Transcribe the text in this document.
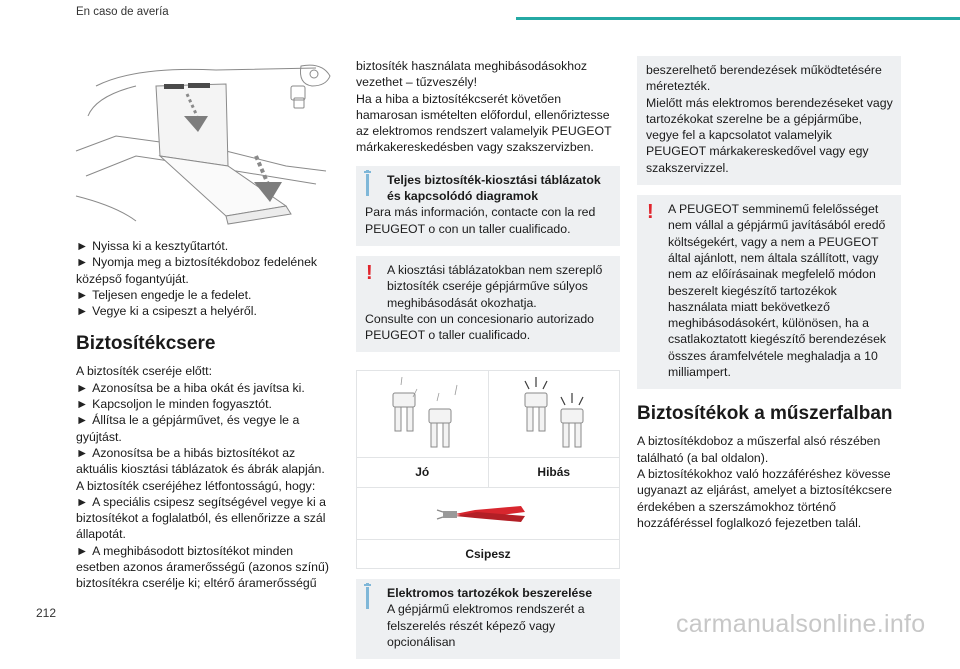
En caso de avería

► Nyissa ki a kesztyűtartót.

► Nyomja meg a biztosítékdoboz fedelének középső fogantyúját.

► Teljesen engedje le a fedelet.

► Vegye ki a csipeszt a helyéről.

Biztosítékcsere

A biztosíték cseréje előtt:

► Azonosítsa be a hiba okát és javítsa ki.

► Kapcsoljon le minden fogyasztót.

► Állítsa le a gépjárművet, és vegye le a gyújtást.

► Azonosítsa be a hibás biztosítékot az aktuális kiosztási táblázatok és ábrák alapján.

A biztosíték cseréjéhez létfontosságú, hogy:

► A speciális csipesz segítségével vegye ki a biztosítékot a foglalatból, és ellenőrizze a szál állapotát.

► A meghibásodott biztosítékot minden esetben azonos áramerősségű (azonos színű) biztosítékra cserélje ki; eltérő áramerősségű

biztosíték használata meghibásodásokhoz vezethet – tűzveszély!

Ha a hiba a biztosítékcserét követően hamarosan ismételten előfordul, ellenőriztesse az elektromos rendszert valamelyik PEUGEOT márkakereskedésben vagy szakszervizben.

Teljes biztosíték-kiosztási táblázatok és kapcsolódó diagramok

Para más información, contacte con la red PEUGEOT o con un taller cualificado.

!	A kiosztási táblázatokban nem szereplő biztosíték cseréje gépjárműve súlyos meghibásodását okozhatja.

Consulte con un concesionario autorizado PEUGEOT o taller cualificado.

Jó	Hibás
Csipesz
Elektromos tartozékok beszerelése
A gépjármű elektromos rendszerét a felszerelés részét képező vagy opcionálisan

beszerelhető berendezések működtetésére méretezték.

Mielőtt más elektromos berendezéseket vagy tartozékokat szerelne be a gépjárműbe, vegye fel a kapcsolatot valamelyik PEUGEOT márkakereskedővel vagy egy szakszervizzel.

!	A PEUGEOT semminemű felelősséget nem vállal a gépjármű javításából eredő költségekért, vagy a nem a PEUGEOT által ajánlott, nem általa szállított, vagy nem az előírásainak megfelelő módon beszerelt kiegészítő tartozékok használata miatt bekövetkező meghibásodásokért, különösen, ha a csatlakoztatott kiegészítő berendezések összes áramfelvétele meghaladja a 10 milliampert.
Biztosítékok a műszerfalban

A biztosítékdoboz a műszerfal alsó részében található (a bal oldalon).

A biztosítékokhoz való hozzáféréshez kövesse ugyanazt az eljárást, amelyet a biztosítékcsere érdekében a szerszámokhoz történő hozzáféréssel foglalkozó fejezetben talál.

212	carmanualsonline.info
